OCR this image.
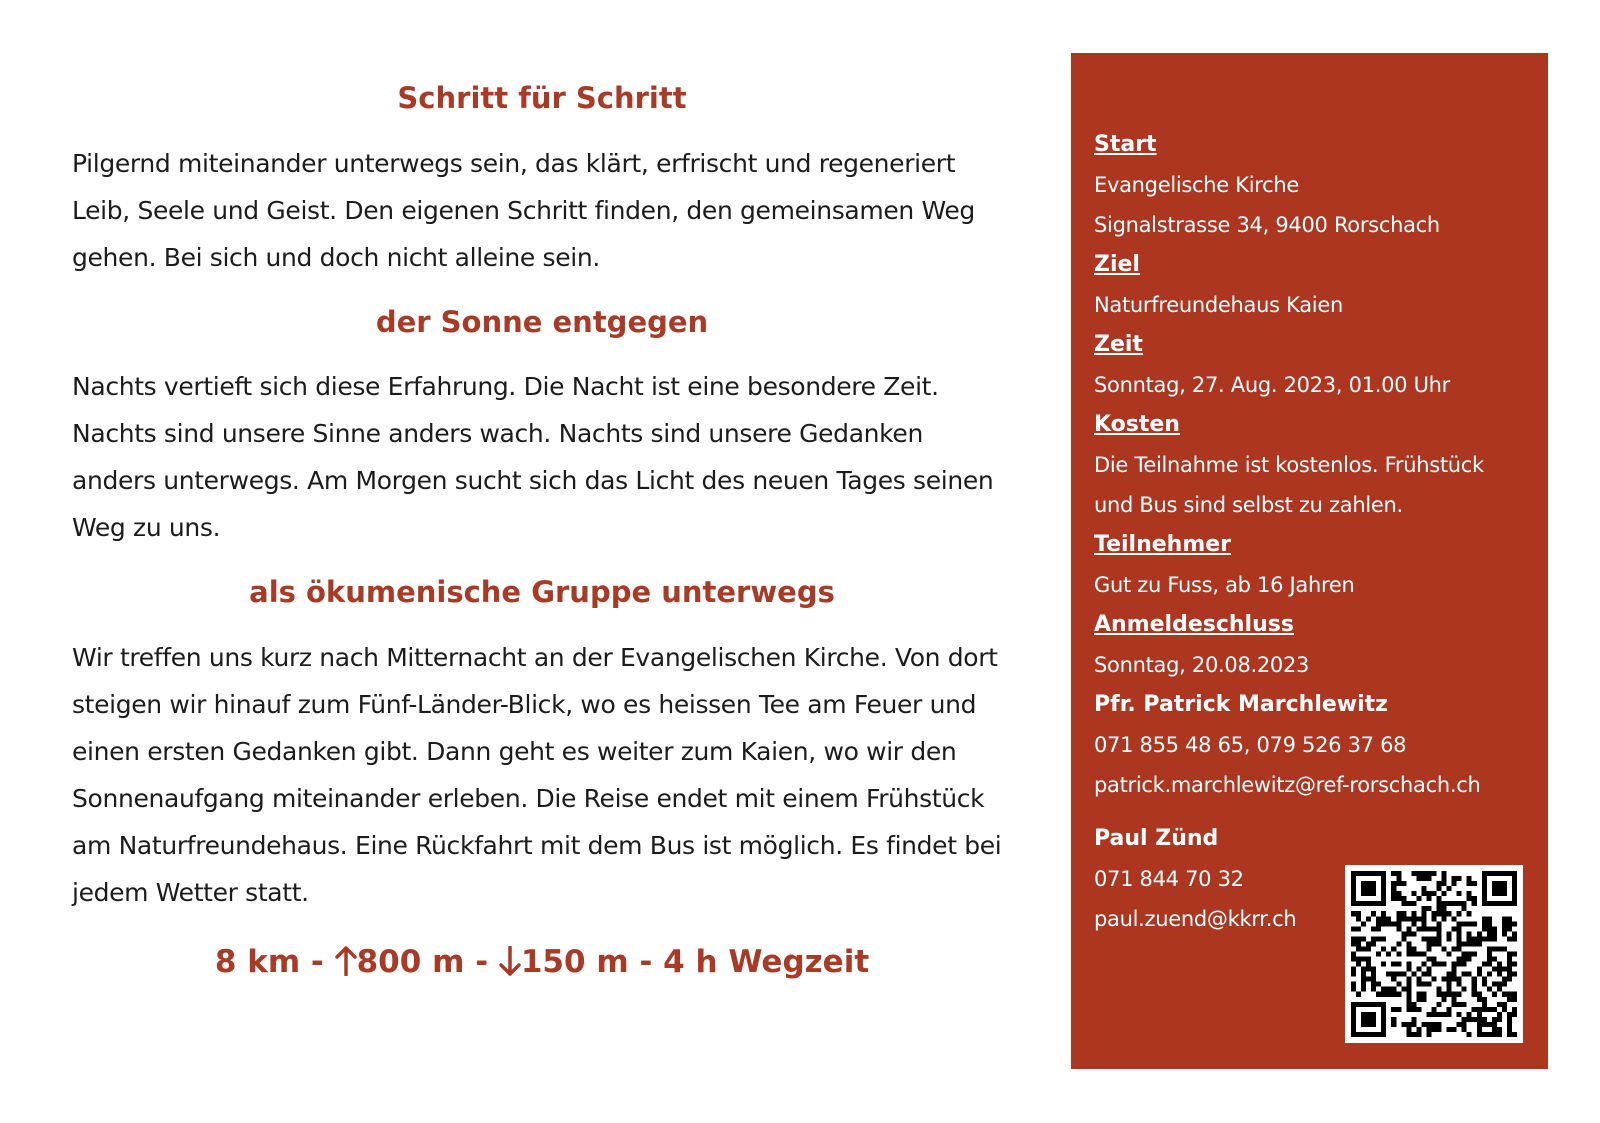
Schritt für Schritt

Pilgernd miteinander unterwegs sein, das klärt, erfrischt und regeneriert Leib, Seele und Geist. Den eigenen Schritt finden, den gemeinsamen Weg gehen. Bei sich und doch nicht alleine sein.

der Sonne entgegen

Nachts vertieft sich diese Erfahrung. Die Nacht ist eine besondere Zeit. Nachts sind unsere Sinne anders wach. Nachts sind unsere Gedanken anders unterwegs. Am Morgen sucht sich das Licht des neuen Tages seinen Weg zu uns.

als ökumenische Gruppe unterwegs

Wir treffen uns kurz nach Mitternacht an der Evangelischen Kirche. Von dort steigen wir hinauf zum Fünf-Länder-Blick, wo es heissen Tee am Feuer und einen ersten Gedanken gibt. Dann geht es weiter zum Kaien, wo wir den Sonnenaufgang miteinander erleben. Die Reise endet mit einem Frühstück am Naturfreundehaus. Eine Rückfahrt mit dem Bus ist möglich. Es findet bei jedem Wetter statt.

8 km - 800 m - 150 m - 4 h Wegzeit
Start
Evangelische Kirche
Signalstrasse 34, 9400 Rorschach
Ziel
Naturfreundehaus Kaien
Zeit
Sonntag, 27. Aug. 2023, 01.00 Uhr
Kosten
Die Teilnahme ist kostenlos. Frühstück
und Bus sind selbst zu zahlen.
Teilnehmer
Gut zu Fuss, ab 16 Jahren
Anmeldeschluss
Sonntag, 20.08.2023
Pfr. Patrick Marchlewitz
071 855 48 65, 079 526 37 68
patrick.marchlewitz@ref-rorschach.ch
Paul Zünd
071 844 70 32
paul.zuend@kkrr.ch
